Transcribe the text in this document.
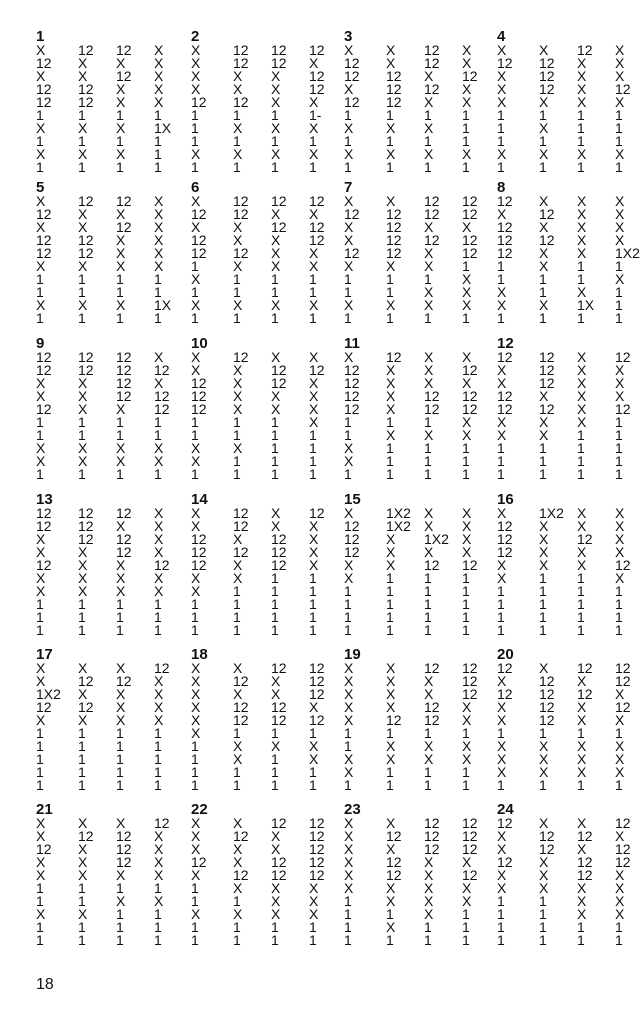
1
X
12
X
12
12
1
X
1
X
1
12
X
X
12
12
1
X
1
X
1
12
X
12
X
X
1
X
1
X
1
X
X
X
X
X
1
1X
1
1
1
2
X
X
X
X
12
1
1
1
X
1
12
12
X
X
12
1
X
1
X
1
12
12
X
X
X
1
X
1
X
1
12
X
12
12
X
1-
X
1
X
1
3
X
12
12
X
12
1
X
1
X
1
X
X
12
12
12
1
X
1
X
1
12
12
X
12
X
1
X
1
X
1
X
X
12
X
X
1
1
1
X
1
4
X
12
X
X
X
1
1
1
X
1
X
12
12
12
X
1
X
1
X
1
12
X
X
X
X
1
1
1
X
1
X
X
X
12
X
1
1
1
X
1
5
X
12
X
12
12
X
1
1
X
1
12
X
X
12
12
X
1
1
X
1
12
X
12
X
X
X
1
1
X
1
X
X
X
X
X
X
1
1
1X
1
6
X
12
X
12
12
1
X
1
X
1
12
12
X
X
12
X
1
1
X
1
12
X
12
X
X
X
1
1
X
1
12
X
12
12
X
X
1
1
X
1
7
X
12
X
X
12
X
1
1
X
1
X
12
12
12
12
X
1
1
X
1
12
12
X
12
X
X
1
X
X
1
12
12
X
12
12
1
X
X
X
1
8
12
X
12
12
12
1
1
X
X
1
X
12
X
12
X
X
1
1
X
1
X
X
X
X
X
1
1
X
1X
1
X
X
X
X
1X2
1
X
1
1
1
9
12
12
X
X
12
1
1
X
X
1
12
12
X
X
X
1
1
X
X
1
12
12
12
12
X
1
1
X
X
1
X
12
X
12
12
1
1
X
X
1
10
X
X
12
12
12
1
1
X
X
1
12
X
X
X
X
1
1
X
1
1
X
12
12
X
X
1
1
1
1
1
X
12
X
X
X
X
1
1
1
1
11
X
12
12
12
12
1
1
X
X
1
12
X
X
X
X
1
X
1
1
1
X
X
X
12
12
1
X
1
1
1
X
12
X
12
12
X
X
1
1
1
12
12
X
X
12
12
X
X
1
1
1
12
12
12
X
12
X
X
1
1
1
X
X
X
X
X
X
1
1
1
1
12
X
X
X
12
1
1
1
1
1
13
12
12
X
X
12
X
X
1
1
1
12
12
12
X
X
X
X
1
1
1
12
X
12
12
X
X
X
1
1
1
X
X
X
X
12
X
X
1
1
1
14
X
X
12
12
12
X
X
1
1
1
12
12
X
12
X
X
1
1
1
1
X
X
12
12
12
1
1
1
1
1
12
X
X
X
X
1
1
1
1
1
15
X
12
12
12
X
X
1
1
1
1
1X2
1X2
X
X
X
1
1
1
1
1
X
X
1X2
X
12
1
1
1
1
1
X
X
X
X
12
1
1
1
1
1
16
X
12
12
12
X
X
1
1
1
1
1X2
X
X
X
X
1
1
1
1
1
X
X
12
X
X
1
1
1
1
1
X
X
X
X
12
X
1
1
1
1
17
X
X
1X2
12
X
1
1
1
1
1
X
12
X
12
X
1
1
1
1
1
X
12
X
X
X
1
1
1
1
1
12
X
X
X
X
1
1
1
1
1
18
X
X
X
X
X
X
1
1
1
1
X
12
X
12
12
1
X
X
1
1
12
X
X
12
12
1
X
1
1
1
12
12
12
X
12
1
X
X
1
1
19
X
X
X
X
X
1
1
X
X
1
X
X
X
X
12
1
X
X
1
1
12
X
X
12
12
1
X
X
1
1
12
12
12
X
X
1
X
X
1
1
20
12
X
12
X
X
1
X
X
X
1
X
12
12
12
12
1
X
X
X
1
12
X
12
X
X
1
X
X
X
1
12
12
X
12
X
1
X
X
X
1
21
X
X
12
X
X
1
1
X
1
1
X
12
X
X
X
1
1
X
1
1
X
12
12
12
X
1
X
1
1
1
12
X
X
X
X
1
X
1
1
1
22
X
X
X
12
X
1
1
X
1
1
X
12
X
X
12
X
1
X
1
1
12
X
X
12
12
X
X
X
1
1
12
12
12
12
12
X
X
X
1
1
23
X
X
X
X
X
X
1
1
1
1
X
12
X
12
12
X
X
1
X
1
12
12
12
X
X
X
X
X
1
1
12
12
12
X
12
X
X
1
1
1
24
12
X
X
12
X
X
1
1
1
1
X
12
12
X
X
X
1
1
1
1
X
12
X
12
12
X
X
X
1
1
12
X
12
12
X
X
X
X
1
1
18
